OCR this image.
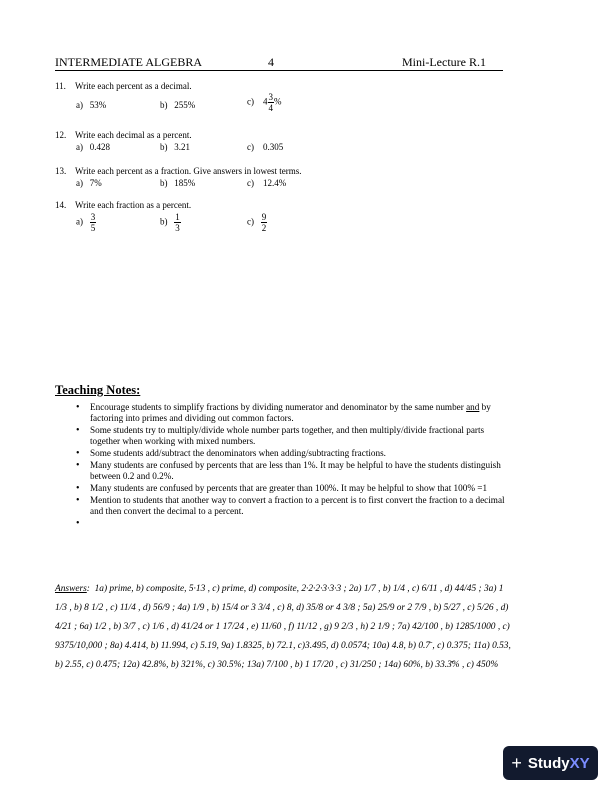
INTERMEDIATE ALGEBRA	4	Mini-Lecture R.1
11. Write each percent as a decimal.
a) 53%	b) 255%	c) $4 \frac{3}{4}$ %
12. Write each decimal as a percent.
a) 0.428	b) 3.21	c) 0.305
13. Write each percent as a fraction. Give answers in lowest terms.
a) 7%	b) 185%	c) 12.4%
14. Write each fraction as a percent.
$a) \frac{3}{5}$	$b) \frac{1}{3}$	$c) \frac{9}{2}$
Teaching Notes:
• Encourage students to simplify fractions by dividing numerator and denominator by the same number and by factoring into primes and dividing out common factors.
• Some students try to multiply/divide whole number parts together, and then multiply/divide fractional parts together when working with mixed numbers.
• Some students add/subtract the denominators when adding/subtracting fractions.
• Many students are confused by percents that are less than 1%. It may be helpful to have the students distinguish between 0.2 and 0.2%.
• Many students are confused by percents that are greater than 100%. It may be helpful to show that 100% =1
• Mention to students that another way to convert a fraction to a percent is to first convert the fraction to a decimal and then convert the decimal to a percent.
Answers:  1a) prime, b) composite, 5·13 , c) prime, d) composite, 2·2·2·3·3·3 ; 2a) 1/7 , b) 1/4 , c) 6/11 , d) 44/45 ; 3a) 1 1/3 , b) 8 1/2 , c) 11/4 , d) 56/9 ; 4a) 1/9 , b) 15/4 or 3 3/4 , c) 8, d) 35/8 or 4 3/8 ; 5a) 25/9 or 2 7/9 , b) 5/27 , c) 5/26 , d) 4/21 ; 6a) 1/2 , b) 3/7 , c) 1/6 , d) 41/24 or 1 17/24 , e) 11/60 , f) 11/12 , g) 9 2/3 , h) 2 1/9 ; 7a) 42/100 , b) 1285/1000 , c) 9375/10,000 ; 8a) 4.414, b) 11.994, c) 5.19, 9a) 1.8325, b) 72.1, c)3.495, d) 0.0574; 10a) 4.8, b) 0.7̄ , c) 0.375; 11a) 0.53, b) 2.55, c) 0.475; 12a) 42.8%, b) 321%, c) 30.5%; 13a) 7/100 , b) 1 17/20 , c) 31/250 ; 14a) 60%, b) 33.3̄% , c) 450%
+ Study XY
